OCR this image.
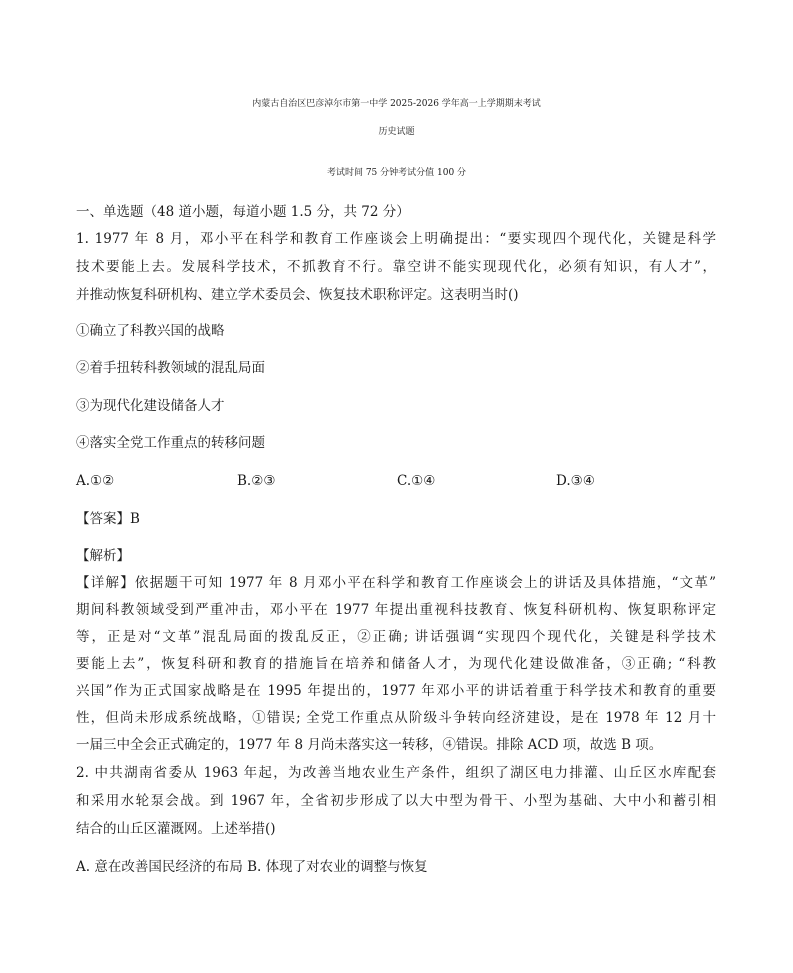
内蒙古自治区巴彦淖尔市第一中学 2025-2026 学年高一上学期期末考试
历史试题
考试时间 75 分钟考试分值 100 分
一、单选题（48 道小题，每道小题 1.5 分，共 72 分）
1. 1977 年 8 月，邓小平在科学和教育工作座谈会上明确提出：“要实现四个现代化，关键是科学
技术要能上去。发展科学技术，不抓教育不行。靠空讲不能实现现代化，必须有知识，有人才”，
并推动恢复科研机构、建立学术委员会、恢复技术职称评定。这表明当时()
①确立了科教兴国的战略
②着手扭转科教领域的混乱局面
③为现代化建设储备人才
④落实全党工作重点的转移问题
A.①②	B.②③	C.①④	D.③④
【答案】B
【解析】
【详解】依据题干可知 1977 年 8 月邓小平在科学和教育工作座谈会上的讲话及具体措施，“文革”
期间科教领域受到严重冲击，邓小平在 1977 年提出重视科技教育、恢复科研机构、恢复职称评定
等，正是对“文革”混乱局面的拨乱反正，②正确; 讲话强调“实现四个现代化，关键是科学技术
要能上去”，恢复科研和教育的措施旨在培养和储备人才，为现代化建设做准备，③正确; “科教
兴国”作为正式国家战略是在 1995 年提出的，1977 年邓小平的讲话着重于科学技术和教育的重要
性，但尚未形成系统战略，①错误; 全党工作重点从阶级斗争转向经济建设，是在 1978 年 12 月十
一届三中全会正式确定的，1977 年 8 月尚未落实这一转移，④错误。排除 ACD 项，故选 B 项。
2. 中共湖南省委从 1963 年起，为改善当地农业生产条件，组织了湖区电力排灌、山丘区水库配套
和采用水轮泵会战。到 1967 年，全省初步形成了以大中型为骨干、小型为基础、大中小和蓄引相
结合的山丘区灌溉网。上述举措()
A. 意在改善国民经济的布局 B. 体现了对农业的调整与恢复
